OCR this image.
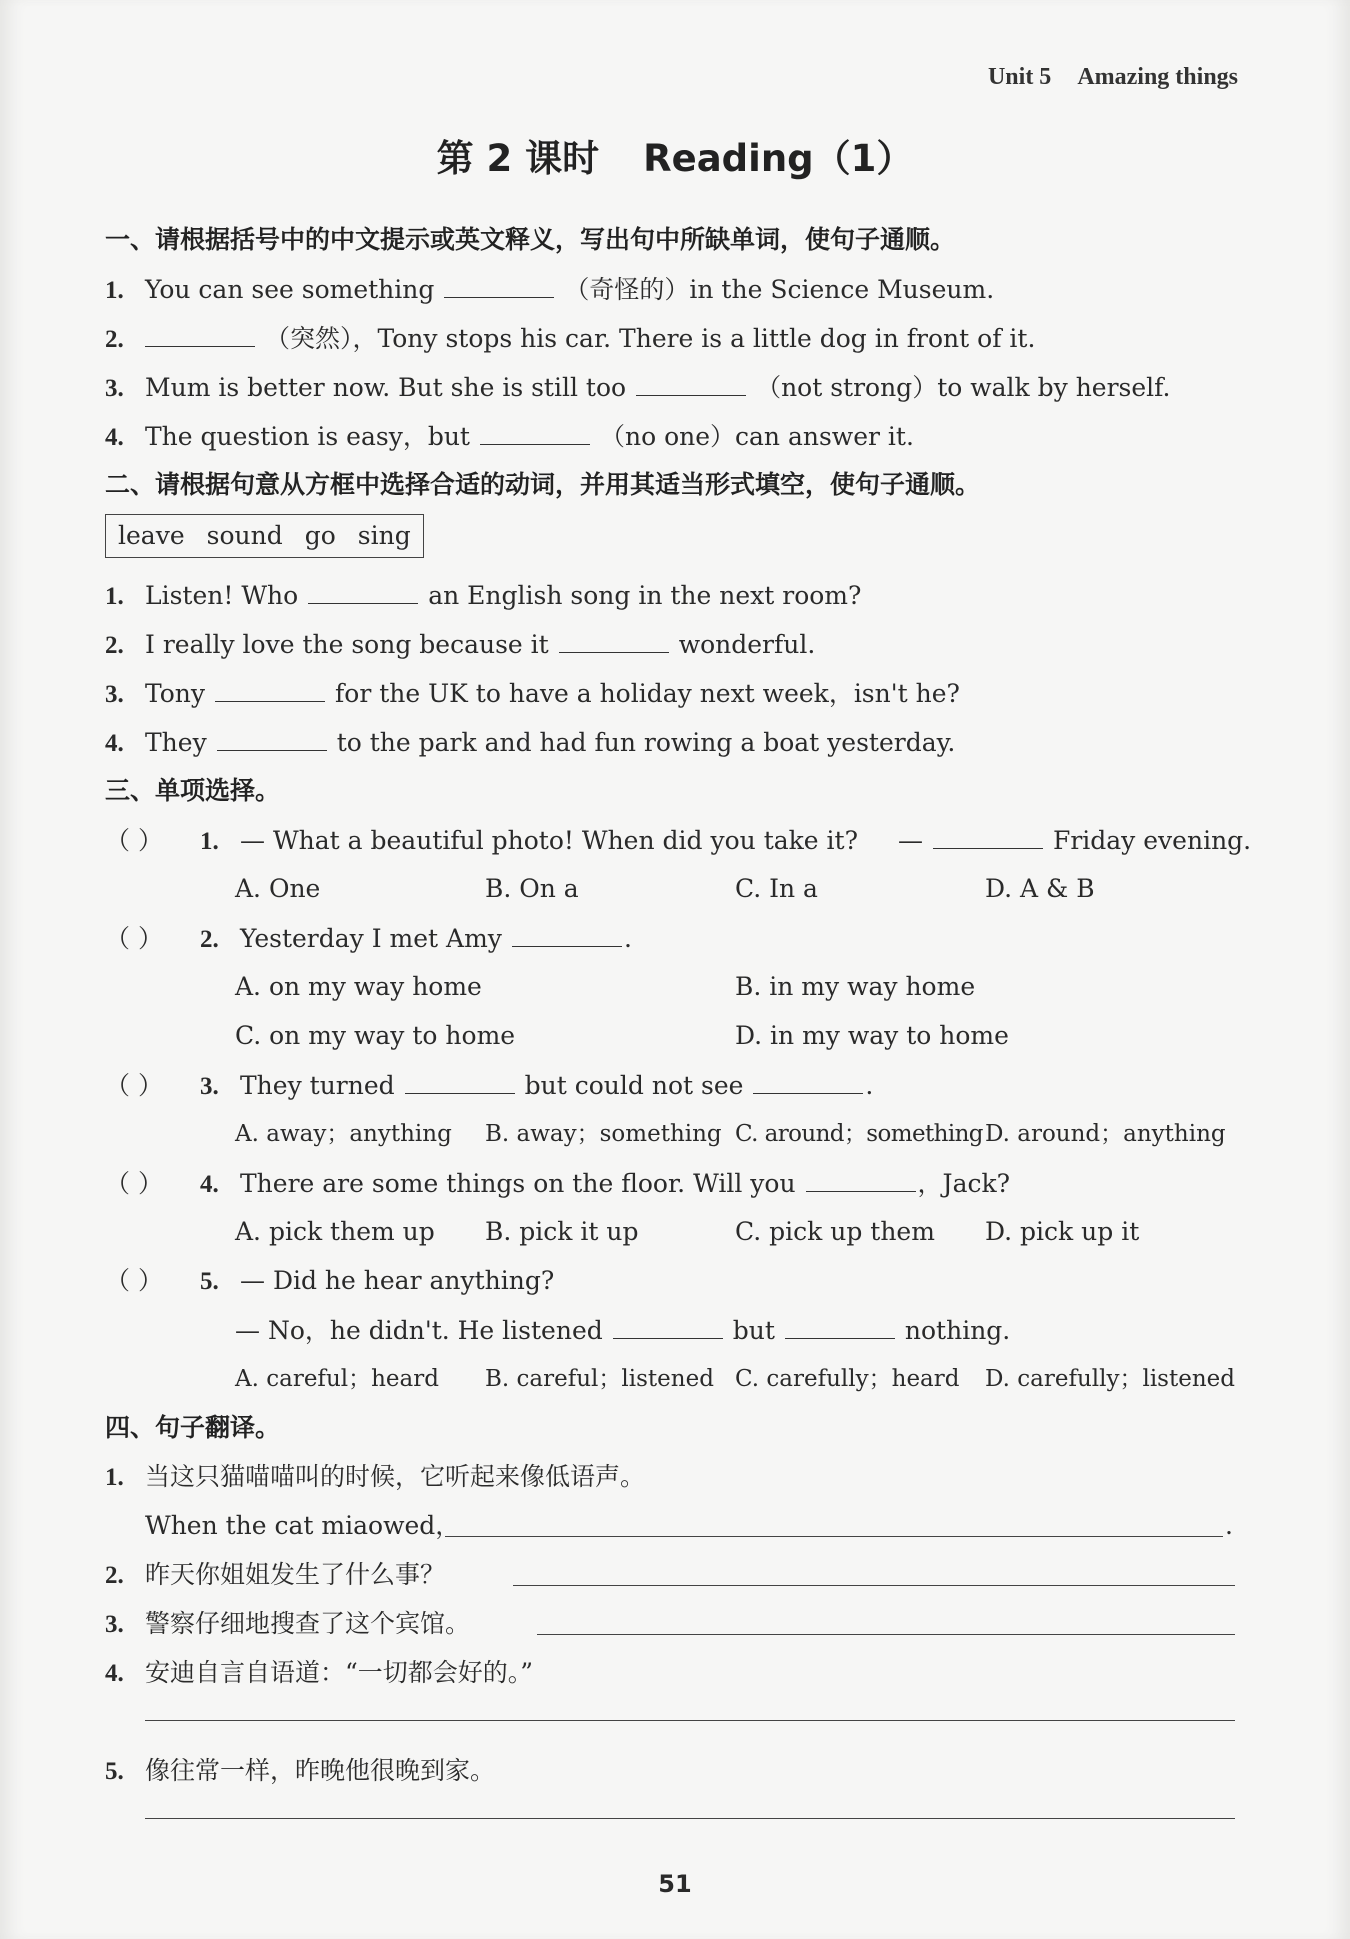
Unit 5 Amazing things
第 2 课时 Reading（1）
一、请根据括号中的中文提示或英文释义，写出句中所缺单词，使句子通顺。
1. You can see something	（奇怪的）in the Science Museum.
2.	（突然），Tony stops his car. There is a little dog in front of it.
3. Mum is better now. But she is still too	（not strong）to walk by herself.
4. The question is easy，but	（no one）can answer it.
二、请根据句意从方框中选择合适的动词，并用其适当形式填空，使句子通顺。
leave sound go sing
1. Listen! Who	an English song in the next room?
2. I really love the song because it	wonderful.
3. Tony	for the UK to have a holiday next week，isn't he?
4. They	to the park and had fun rowing a boat yesterday.
三、单项选择。
（ ） 1. — What a beautiful photo! When did you take it? —	Friday evening.
A. One	B. On a	C. In a	D. A & B
（ ） 2. Yesterday I met Amy	.
A. on my way home	B. in my way home
C. on my way to home	D. in my way to home
（ ） 3. They turned	but could not see	.
A. away；anything B. away；something C. around；something D. around；anything
（ ） 4. There are some things on the floor. Will you	，Jack?
A. pick them up B. pick it up	C. pick up them D. pick up it
（ ） 5. — Did he hear anything?
— No，he didn't. He listened	but	nothing.
A. careful；heard B. careful；listened C. carefully；heard D. carefully；listened
四、句子翻译。
1. 当这只猫喵喵叫的时候，它听起来像低语声。
When the cat miaowed，	.
2. 昨天你姐姐发生了什么事？
3. 警察仔细地搜查了这个宾馆。
4. 安迪自言自语道：“一切都会好的。”
5. 像往常一样，昨晚他很晚到家。
51
